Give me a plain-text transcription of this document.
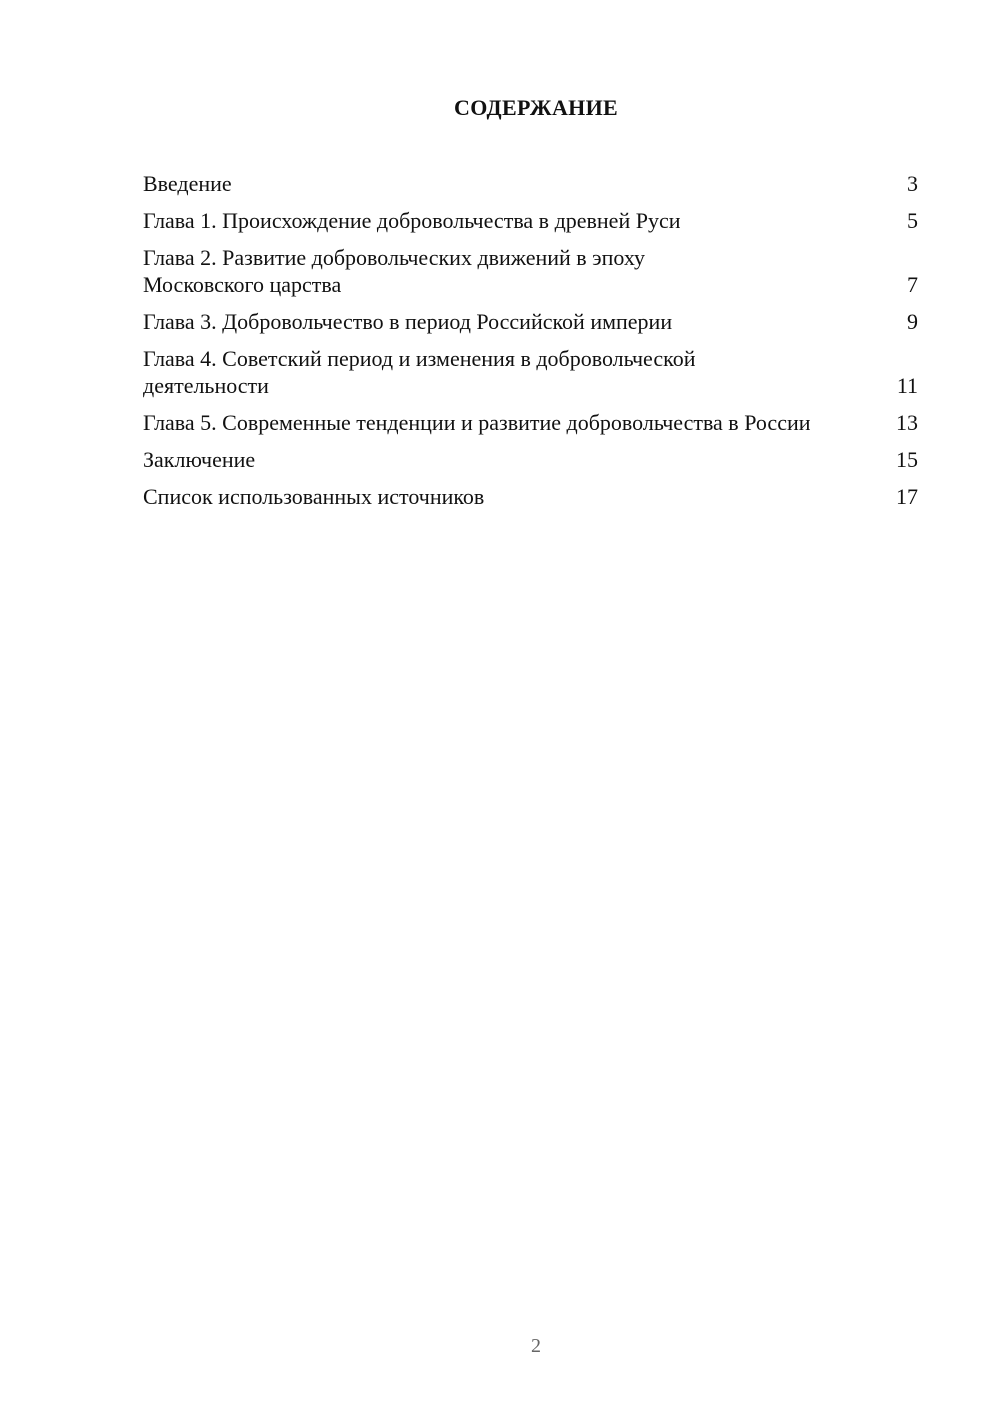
СОДЕРЖАНИЕ
Введение	3
Глава 1. Происхождение добровольчества в древней Руси	5
Глава 2. Развитие добровольческих движений в эпоху Московского царства	7
Глава 3. Добровольчество в период Российской империи	9
Глава 4. Советский период и изменения в добровольческой деятельности	11
Глава 5. Современные тенденции и развитие добровольчества в России	13
Заключение	15
Список использованных источников	17
2
